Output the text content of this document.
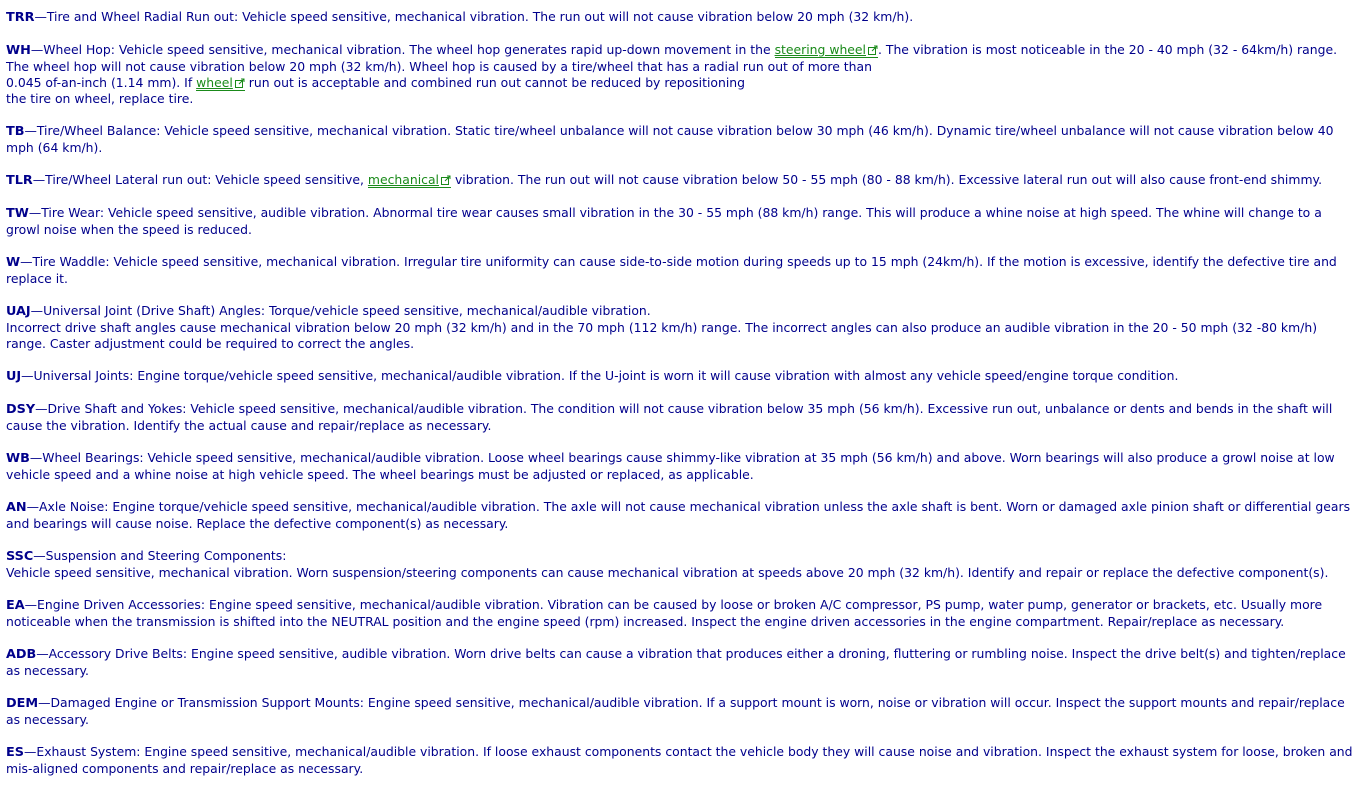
TRR—Tire and Wheel Radial Run out: Vehicle speed sensitive, mechanical vibration. The run out will not cause vibration below 20 mph (32 km/h).

WH—Wheel Hop: Vehicle speed sensitive, mechanical vibration. The wheel hop generates rapid up-down movement in the steering wheel . The vibration is most noticeable in the 20 - 40 mph (32 - 64km/h) range. The wheel hop will not cause vibration below 20 mph (32 km/h). Wheel hop is caused by a tire/wheel that has a radial run out of more than
0.045 of-an-inch (1.14 mm). If wheel
run out is acceptable and combined run out cannot be reduced by repositioning
the tire on wheel, replace tire.

TB—Tire/Wheel Balance: Vehicle speed sensitive, mechanical vibration. Static tire/wheel unbalance will not cause vibration below 30 mph (46 km/h). Dynamic tire/wheel unbalance will not cause vibration below 40 mph (64 km/h).

TLR—Tire/Wheel Lateral run out: Vehicle speed sensitive, mechanical
vibration. The run out will not cause vibration below 50 - 55 mph (80 - 88 km/h). Excessive lateral run out will also cause front-end shimmy.

TW—Tire Wear: Vehicle speed sensitive, audible vibration. Abnormal tire wear causes small vibration in the 30 - 55 mph (88 km/h) range. This will produce a whine noise at high speed. The whine will change to a growl noise when the speed is reduced.

W—Tire Waddle: Vehicle speed sensitive, mechanical vibration. Irregular tire uniformity can cause side-to-side motion during speeds up to 15 mph (24km/h). If the motion is excessive, identify the defective tire and replace it.

UAJ—Universal Joint (Drive Shaft) Angles: Torque/vehicle speed sensitive, mechanical/audible vibration.
Incorrect drive shaft angles cause mechanical vibration below 20 mph (32 km/h) and in the 70 mph (112 km/h) range. The incorrect angles can also produce an audible vibration in the 20 - 50 mph (32 -80 km/h) range. Caster adjustment could be required to correct the angles.

UJ—Universal Joints: Engine torque/vehicle speed sensitive, mechanical/audible vibration. If the U-joint is worn it will cause vibration with almost any vehicle speed/engine torque condition.

DSY—Drive Shaft and Yokes: Vehicle speed sensitive, mechanical/audible vibration. The condition will not cause vibration below 35 mph (56 km/h). Excessive run out, unbalance or dents and bends in the shaft will cause the vibration. Identify the actual cause and repair/replace as necessary.

WB—Wheel Bearings: Vehicle speed sensitive, mechanical/audible vibration. Loose wheel bearings cause shimmy-like vibration at 35 mph (56 km/h) and above. Worn bearings will also produce a growl noise at low vehicle speed and a whine noise at high vehicle speed. The wheel bearings must be adjusted or replaced, as applicable.

AN—Axle Noise: Engine torque/vehicle speed sensitive, mechanical/audible vibration. The axle will not cause mechanical vibration unless the axle shaft is bent. Worn or damaged axle pinion shaft or differential gears and bearings will cause noise. Replace the defective component(s) as necessary.

SSC—Suspension and Steering Components:
Vehicle speed sensitive, mechanical vibration. Worn suspension/steering components can cause mechanical vibration at speeds above 20 mph (32 km/h). Identify and repair or replace the defective component(s).

EA—Engine Driven Accessories: Engine speed sensitive, mechanical/audible vibration. Vibration can be caused by loose or broken A/C compressor, PS pump, water pump, generator or brackets, etc. Usually more noticeable when the transmission is shifted into the NEUTRAL position and the engine speed (rpm) increased. Inspect the engine driven accessories in the engine compartment. Repair/replace as necessary.

ADB—Accessory Drive Belts: Engine speed sensitive, audible vibration. Worn drive belts can cause a vibration that produces either a droning, fluttering or rumbling noise. Inspect the drive belt(s) and tighten/replace as necessary.

DEM—Damaged Engine or Transmission Support Mounts: Engine speed sensitive, mechanical/audible vibration. If a support mount is worn, noise or vibration will occur. Inspect the support mounts and repair/replace as necessary.

ES—Exhaust System: Engine speed sensitive, mechanical/audible vibration. If loose exhaust components contact the vehicle body they will cause noise and vibration. Inspect the exhaust system for loose, broken and mis-aligned components and repair/replace as necessary.
